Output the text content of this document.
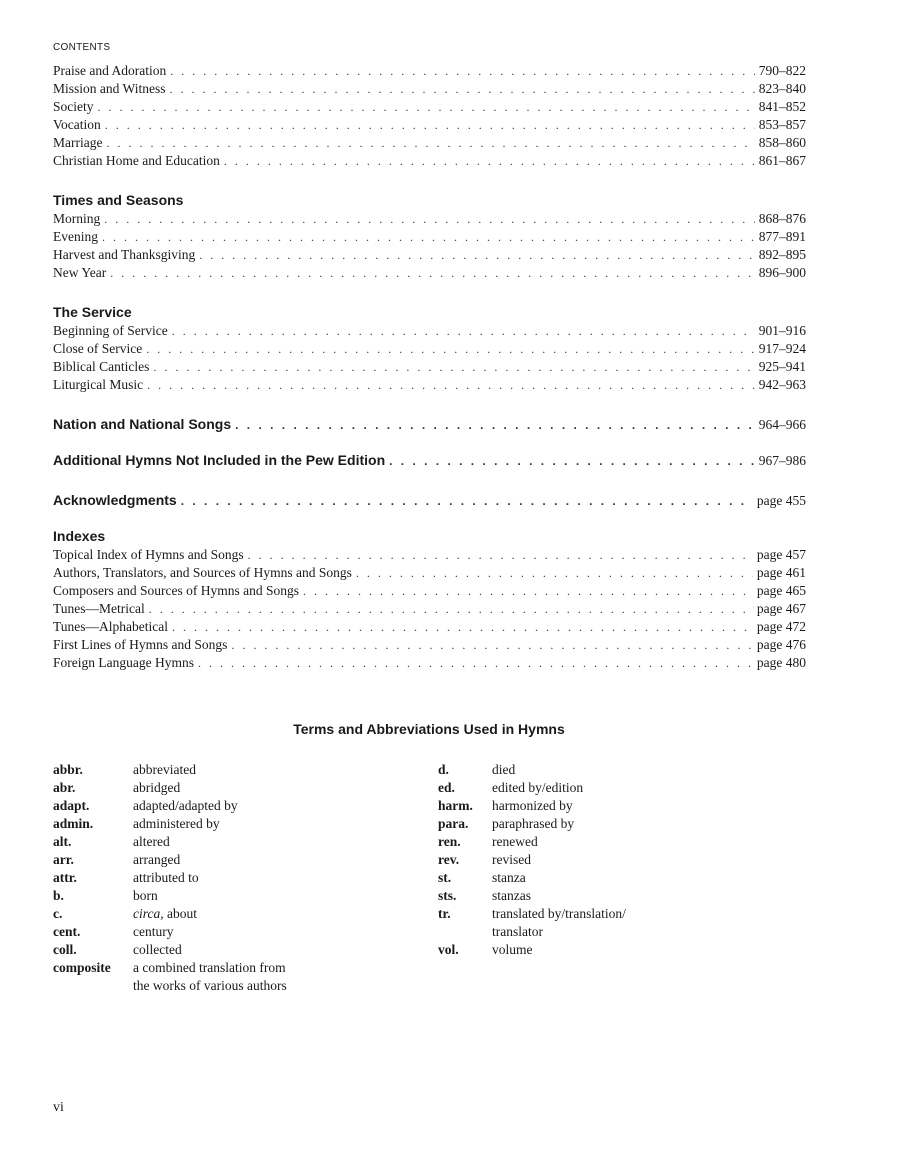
CONTENTS
Praise and Adoration . . .	790–822
Mission and Witness . . .	823–840
Society . . .	841–852
Vocation . . .	853–857
Marriage . . .	858–860
Christian Home and Education . . .	861–867
Times and Seasons
Morning . . .	868–876
Evening . . .	877–891
Harvest and Thanksgiving . . .	892–895
New Year . . .	896–900
The Service
Beginning of Service . . .	901–916
Close of Service . . .	917–924
Biblical Canticles . . .	925–941
Liturgical Music . . .	942–963
Nation and National Songs . . .	964–966
Additional Hymns Not Included in the Pew Edition . . .	967–986
Acknowledgments . . .	page 455
Indexes
Topical Index of Hymns and Songs . . .	page 457
Authors, Translators, and Sources of Hymns and Songs . . .	page 461
Composers and Sources of Hymns and Songs . . .	page 465
Tunes—Metrical . . .	page 467
Tunes—Alphabetical . . .	page 472
First Lines of Hymns and Songs . . .	page 476
Foreign Language Hymns . . .	page 480
Terms and Abbreviations Used in Hymns
abbr.	abbreviated
abr.	abridged
adapt.	adapted/adapted by
admin.	administered by
alt.	altered
arr.	arranged
attr.	attributed to
b.	born
c.	circa, about
cent.	century
coll.	collected
composite	a combined translation from
the works of various authors
d.	died
ed.	edited by/edition
harm.	harmonized by
para.	paraphrased by
ren.	renewed
rev.	revised
st.	stanza
sts.	stanzas
tr.	translated by/translation/
translator
vol.	volume
vi
